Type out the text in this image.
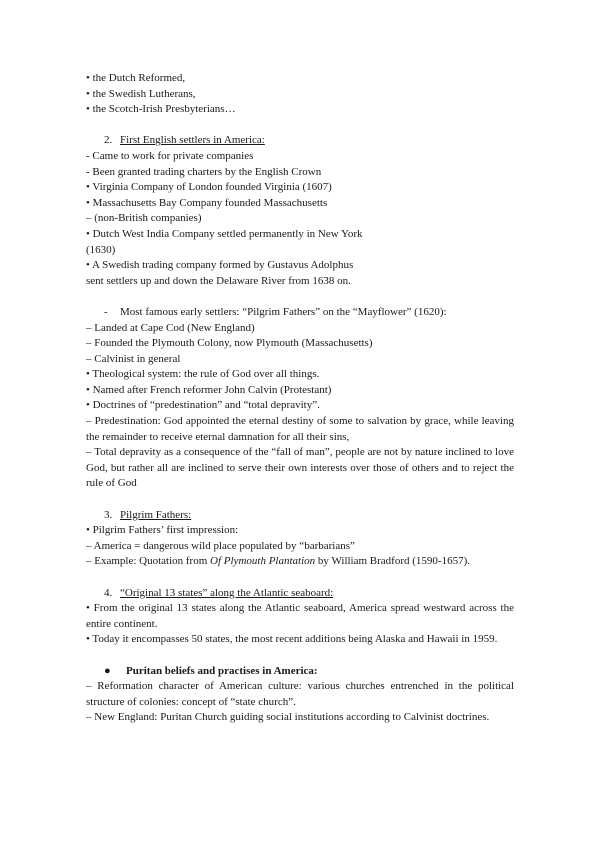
• the Dutch Reformed,
• the Swedish Lutherans,
• the Scotch-Irish Presbyterians…
2. First English settlers in America:
- Came to work for private companies
- Been granted trading charters by the English Crown
• Virginia Company of London founded Virginia (1607)
• Massachusetts Bay Company founded Massachusetts
– (non-British companies)
• Dutch West India Company settled permanently in New York
(1630)
• A Swedish trading company formed by Gustavus Adolphus
sent settlers up and down the Delaware River from 1638 on.
- Most famous early settlers: “Pilgrim Fathers” on the “Mayflower” (1620):
– Landed at Cape Cod (New England)
– Founded the Plymouth Colony, now Plymouth (Massachusetts)
– Calvinist in general
• Theological system: the rule of God over all things.
• Named after French reformer John Calvin (Protestant)
• Doctrines of “predestination” and “total depravity”.
– Predestination: God appointed the eternal destiny of some to salvation by grace, while leaving the remainder to receive eternal damnation for all their sins,
– Total depravity as a consequence of the “fall of man”, people are not by nature inclined to love God, but rather all are inclined to serve their own interests over those of others and to reject the rule of God
3. Pilgrim Fathers:
• Pilgrim Fathers’ first impression:
– America = dangerous wild place populated by “barbarians”
– Example: Quotation from Of Plymouth Plantation by William Bradford (1590-1657).
4. “Original 13 states” along the Atlantic seaboard:
• From the original 13 states along the Atlantic seaboard, America spread westward across the entire continent.
• Today it encompasses 50 states, the most recent additions being Alaska and Hawaii in 1959.
● Puritan beliefs and practises in America:
– Reformation character of American culture: various churches entrenched in the political structure of colonies: concept of “state church”.
– New England: Puritan Church guiding social institutions according to Calvinist doctrines.
